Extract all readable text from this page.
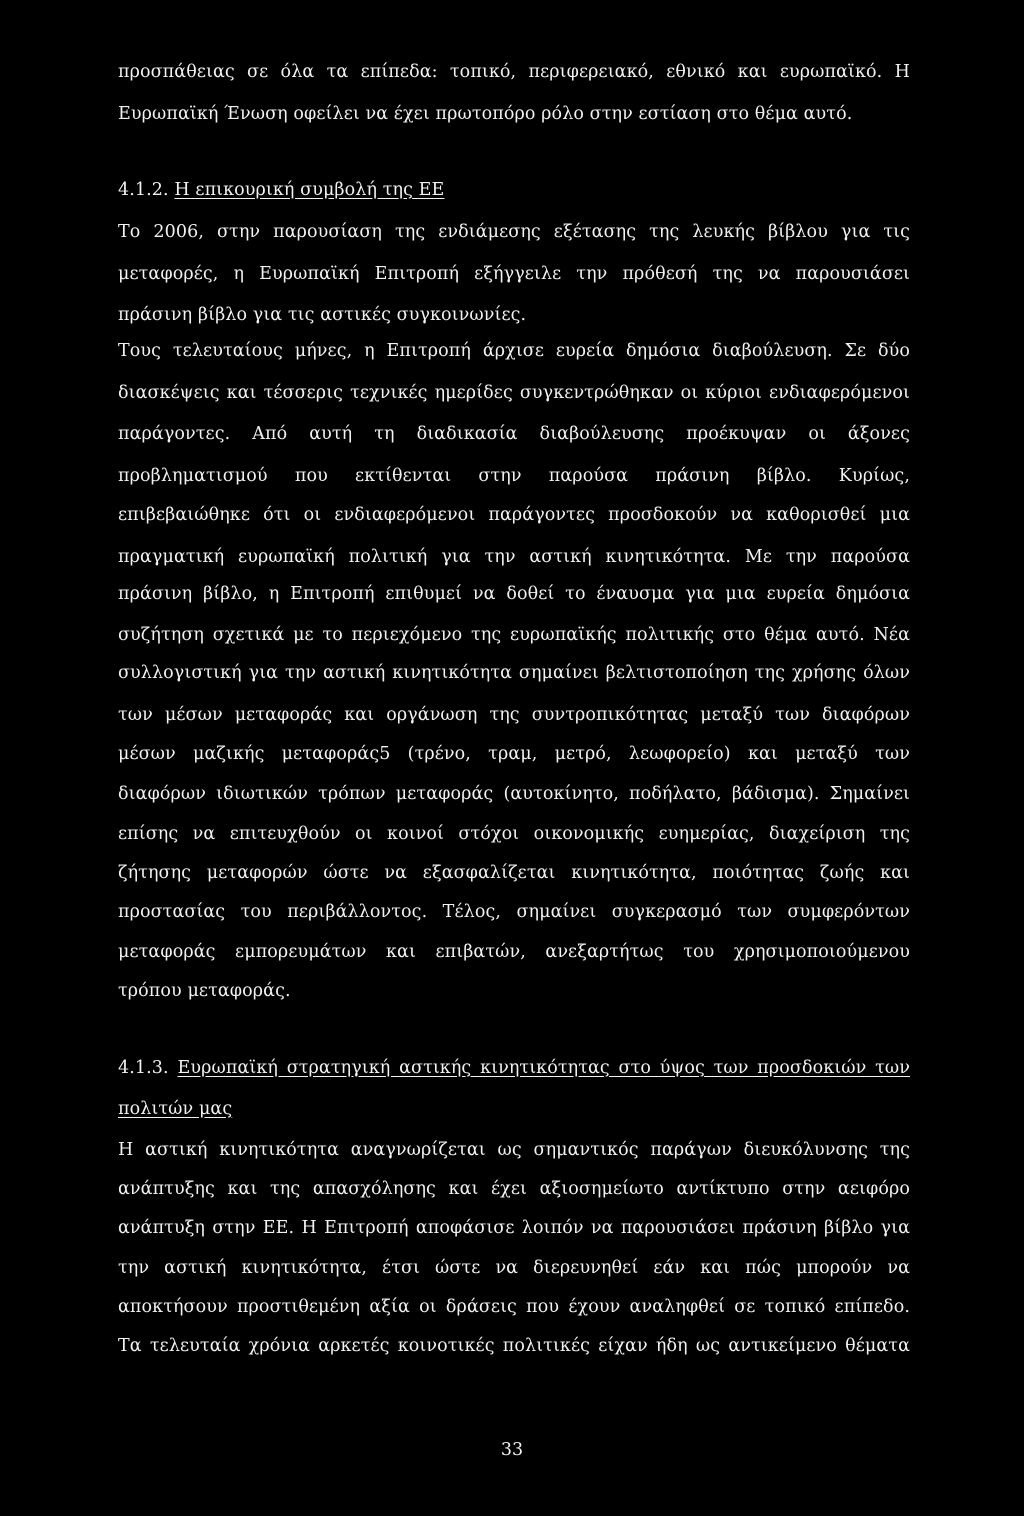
προσπάθειας σε όλα τα επίπεδα: τοπικό, περιφερειακό, εθνικό και ευρωπαϊκό. Η
Ευρωπαϊκή Ένωση οφείλει να έχει πρωτοπόρο ρόλο στην εστίαση στο θέμα αυτό.
4.1.2. Η επικουρική συμβολή της ΕΕ
Το 2006, στην παρουσίαση της ενδιάμεσης εξέτασης της λευκής βίβλου για τις
μεταφορές, η Ευρωπαϊκή Επιτροπή εξήγγειλε την πρόθεσή της να παρουσιάσει
πράσινη βίβλο για τις αστικές συγκοινωνίες.
Τους τελευταίους μήνες, η Επιτροπή άρχισε ευρεία δημόσια διαβούλευση. Σε δύο
διασκέψεις και τέσσερις τεχνικές ημερίδες συγκεντρώθηκαν οι κύριοι ενδιαφερόμενοι
παράγοντες. Από αυτή τη διαδικασία διαβούλευσης προέκυψαν οι άξονες
προβληματισμού που εκτίθενται στην παρούσα πράσινη βίβλο. Κυρίως,
επιβεβαιώθηκε ότι οι ενδιαφερόμενοι παράγοντες προσδοκούν να καθορισθεί μια
πραγματική ευρωπαϊκή πολιτική για την αστική κινητικότητα. Με την παρούσα
πράσινη βίβλο, η Επιτροπή επιθυμεί να δοθεί το έναυσμα για μια ευρεία δημόσια
συζήτηση σχετικά με το περιεχόμενο της ευρωπαϊκής πολιτικής στο θέμα αυτό. Νέα
συλλογιστική για την αστική κινητικότητα σημαίνει βελτιστοποίηση της χρήσης όλων
των μέσων μεταφοράς και οργάνωση της συντροπικότητας μεταξύ των διαφόρων
μέσων μαζικής μεταφοράς5 (τρένο, τραμ, μετρό, λεωφορείο) και μεταξύ των
διαφόρων ιδιωτικών τρόπων μεταφοράς (αυτοκίνητο, ποδήλατο, βάδισμα). Σημαίνει
επίσης να επιτευχθούν οι κοινοί στόχοι οικονομικής ευημερίας, διαχείριση της
ζήτησης μεταφορών ώστε να εξασφαλίζεται κινητικότητα, ποιότητας ζωής και
προστασίας του περιβάλλοντος. Τέλος, σημαίνει συγκερασμό των συμφερόντων
μεταφοράς εμπορευμάτων και επιβατών, ανεξαρτήτως του χρησιμοποιούμενου
τρόπου μεταφοράς.
4.1.3. Ευρωπαϊκή στρατηγική αστικής κινητικότητας στο ύψος των προσδοκιών των
πολιτών μας
Η αστική κινητικότητα αναγνωρίζεται ως σημαντικός παράγων διευκόλυνσης της
ανάπτυξης και της απασχόλησης και έχει αξιοσημείωτο αντίκτυπο στην αειφόρο
ανάπτυξη στην ΕΕ. Η Επιτροπή αποφάσισε λοιπόν να παρουσιάσει πράσινη βίβλο για
την αστική κινητικότητα, έτσι ώστε να διερευνηθεί εάν και πώς μπορούν να
αποκτήσουν προστιθεμένη αξία οι δράσεις που έχουν αναληφθεί σε τοπικό επίπεδο.
Τα τελευταία χρόνια αρκετές κοινοτικές πολιτικές είχαν ήδη ως αντικείμενο θέματα
33
